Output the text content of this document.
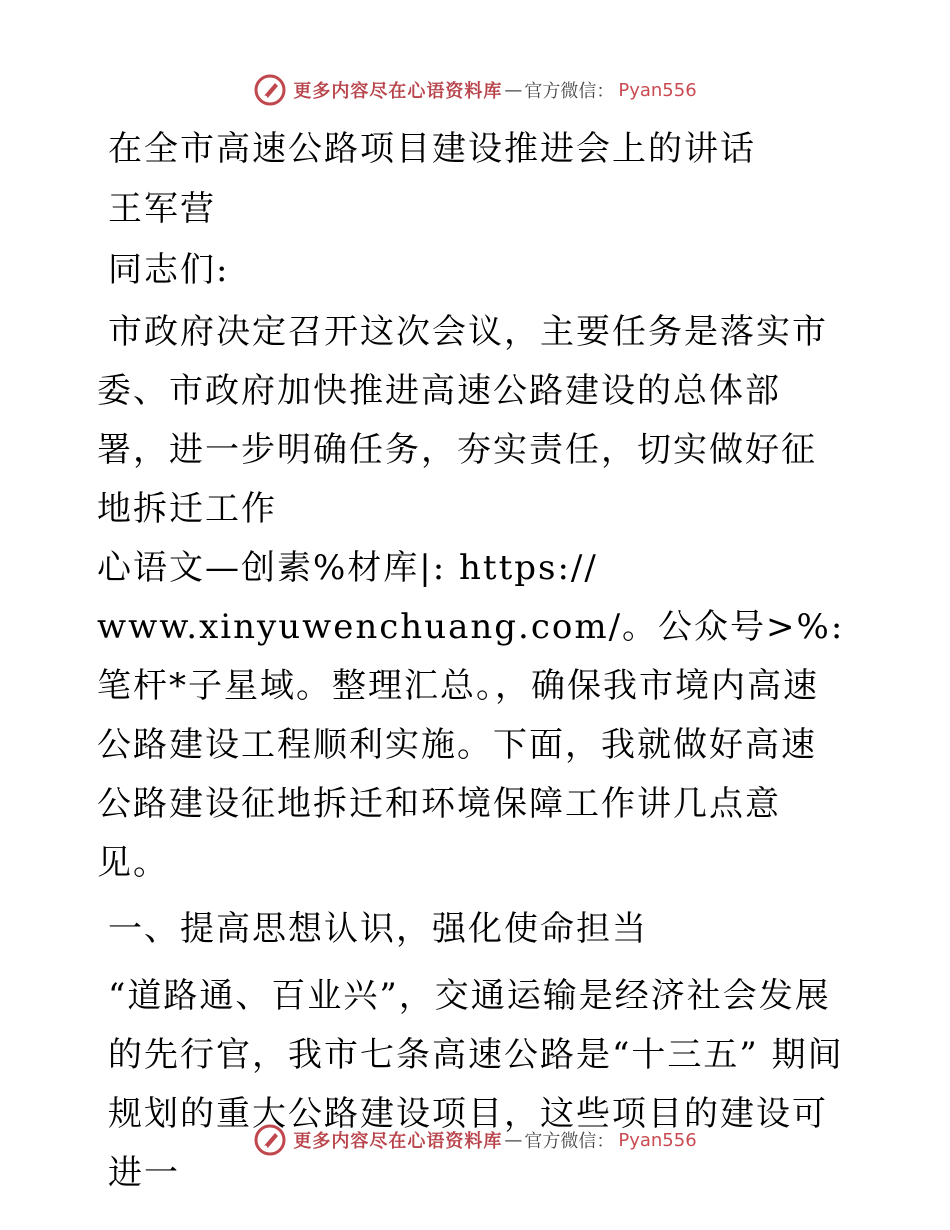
更多内容尽在心语资料库 — 官方微信： Pyan556

在全市高速公路项目建设推进会上的讲话

王军营

同志们:

市政府决定召开这次会议，主要任务是落实市

委、市政府加快推进高速公路建设的总体部署，进一步明确任务，夯实责任，切实做好征地拆迁工作

心语文—创素%材库|: https://

www.xinyuwenchuang.com/。公众号>%: 笔杆*子星域。整理汇总。，确保我市境内高速公路建设工程顺利实施。下面，我就做好高速公路建设征地拆迁和环境保障工作讲几点意见。

一、提高思想认识，强化使命担当

“道路通、百业兴”，交通运输是经济社会发展的先行官，我市七条高速公路是“十三五” 期间规划的重大公路建设项目，这些项目的建设可进一

更多内容尽在心语资料库 — 官方微信： Pyan556
